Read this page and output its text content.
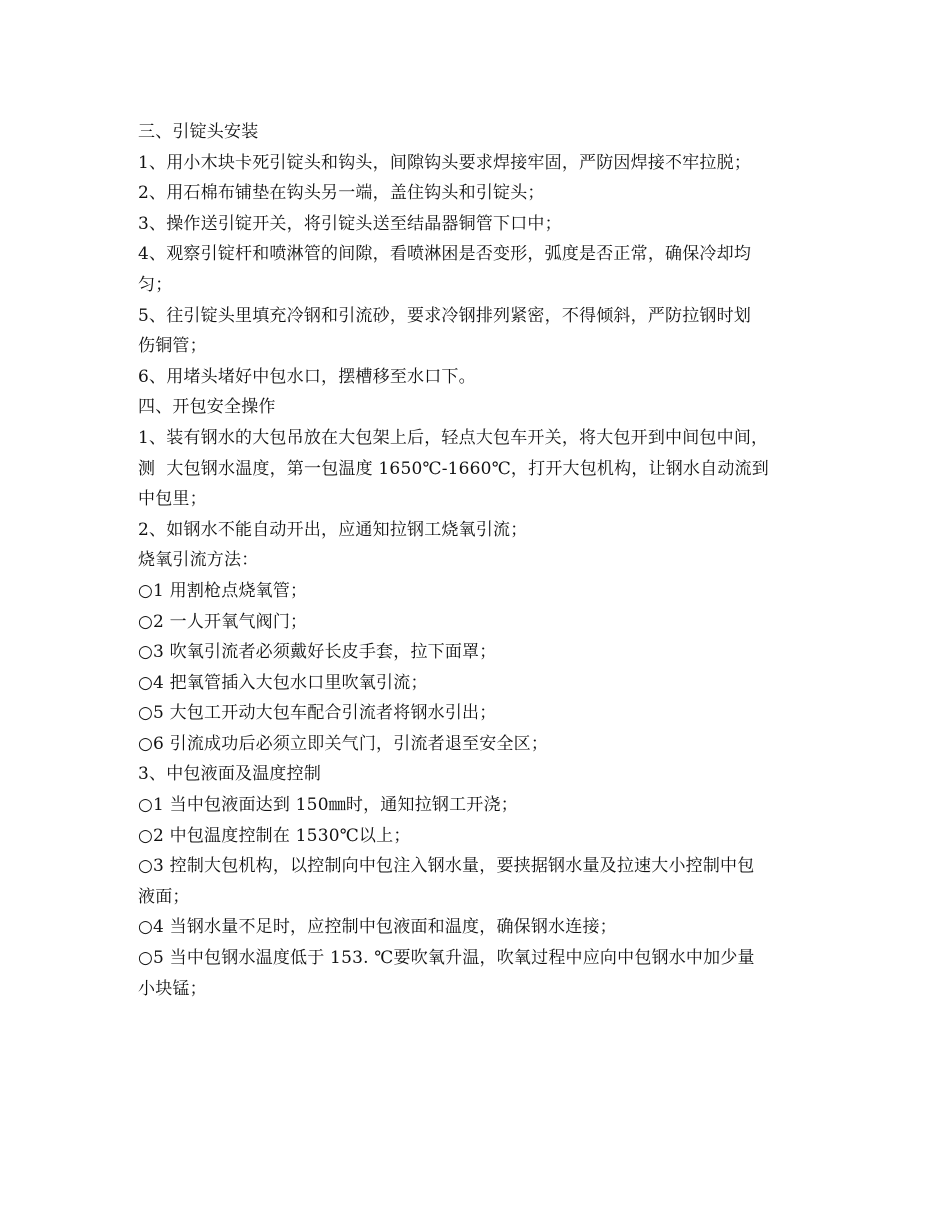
三、引锭头安装

1、用小木块卡死引锭头和钩头，间隙钩头要求焊接牢固，严防因焊接不牢拉脱；

2、用石棉布铺垫在钩头另一端，盖住钩头和引锭头；

3、操作送引锭开关，将引锭头送至结晶器铜管下口中；

4、观察引锭杆和喷淋管的间隙，看喷淋困是否变形，弧度是否正常，确保冷却均

匀；

5、往引锭头里填充冷钢和引流砂，要求冷钢排列紧密，不得倾斜，严防拉钢时划

伤铜管；

6、用堵头堵好中包水口，摆槽移至水口下。

四、开包安全操作

1、装有钢水的大包吊放在大包架上后，轻点大包车开关，将大包开到中间包中间，

测  大包钢水温度，第一包温度 1650℃-1660℃，打开大包机构，让钢水自动流到

中包里；

2、如钢水不能自动开出，应通知拉钢工烧氧引流；

烧氧引流方法：

○1 用割枪点烧氧管；

○2 一人开氧气阀门；

○3 吹氧引流者必须戴好长皮手套，拉下面罩；

○4 把氧管插入大包水口里吹氧引流；

○5 大包工开动大包车配合引流者将钢水引出；

○6 引流成功后必须立即关气门，引流者退至安全区；

3、中包液面及温度控制

○1 当中包液面达到 150㎜时，通知拉钢工开浇；

○2 中包温度控制在 1530℃以上；

○3 控制大包机构，以控制向中包注入钢水量，要挟据钢水量及拉速大小控制中包

液面；

○4 当钢水量不足时，应控制中包液面和温度，确保钢水连接；

○5 当中包钢水温度低于 153. ℃要吹氧升温，吹氧过程中应向中包钢水中加少量

小块锰；
